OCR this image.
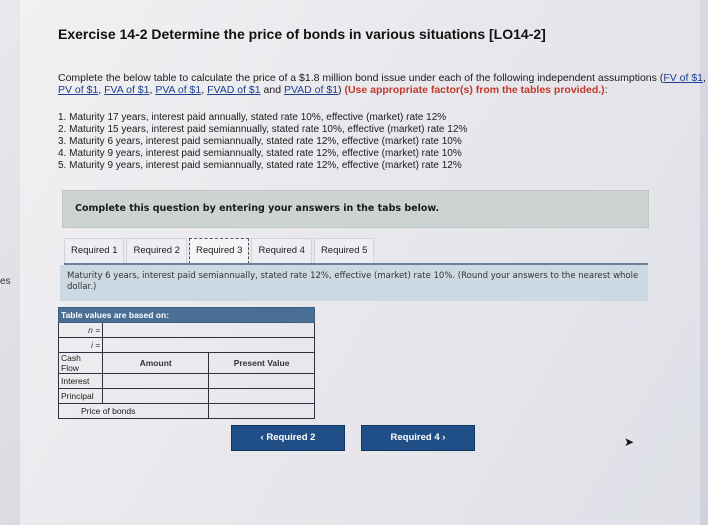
es
Exercise 14-2 Determine the price of bonds in various situations [LO14-2]
Complete the below table to calculate the price of a $1.8 million bond issue under each of the following independent assumptions (FV of $1, PV of $1, FVA of $1, PVA of $1, FVAD of $1 and PVAD of $1) (Use appropriate factor(s) from the tables provided.):
1. Maturity 17 years, interest paid annually, stated rate 10%, effective (market) rate 12%
2. Maturity 15 years, interest paid semiannually, stated rate 10%, effective (market) rate 12%
3. Maturity 6 years, interest paid semiannually, stated rate 12%, effective (market) rate 10%
4. Maturity 9 years, interest paid semiannually, stated rate 12%, effective (market) rate 10%
5. Maturity 9 years, interest paid semiannually, stated rate 12%, effective (market) rate 12%
Complete this question by entering your answers in the tabs below.
Required 1	Required 2	Required 3	Required 4	Required 5

Maturity 6 years, interest paid semiannually, stated rate 12%, effective (market) rate 10%. (Round your answers to the nearest whole dollar.)

Table values are based on:		
n =	
i =	
Cash Flow	Amount	Present Value
Interest		
Principal		
Price of bonds	
‹ Required 2	Required 4 ›	➤
